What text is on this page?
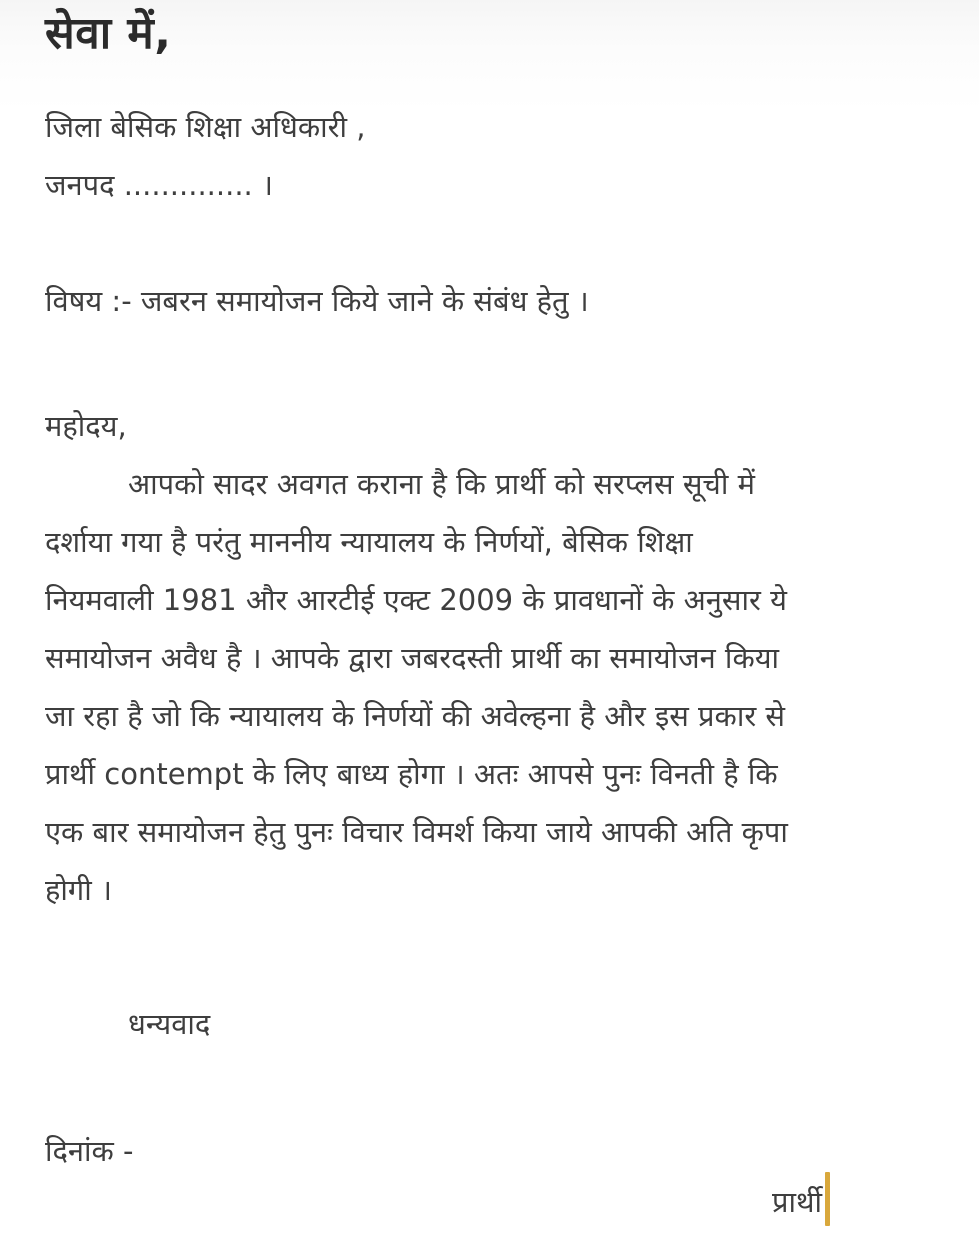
सेवा में,
जिला बेसिक शिक्षा अधिकारी ,
जनपद .............. ।
विषय :- जबरन समायोजन किये जाने के संबंध हेतु ।
महोदय,
आपको सादर अवगत कराना है कि प्रार्थी को सरप्लस सूची में
दर्शाया गया है परंतु माननीय न्यायालय के निर्णयों, बेसिक शिक्षा
नियमवाली 1981 और आरटीई एक्ट 2009 के प्रावधानों के अनुसार ये
समायोजन अवैध है । आपके द्वारा जबरदस्ती प्रार्थी का समायोजन किया
जा रहा है जो कि न्यायालय के निर्णयों की अवेल्हना है और इस प्रकार से
प्रार्थी contempt के लिए बाध्य होगा । अतः आपसे पुनः विनती है कि
एक बार समायोजन हेतु पुनः विचार विमर्श किया जाये आपकी अति कृपा
होगी ।
धन्यवाद
दिनांक -
प्रार्थी
